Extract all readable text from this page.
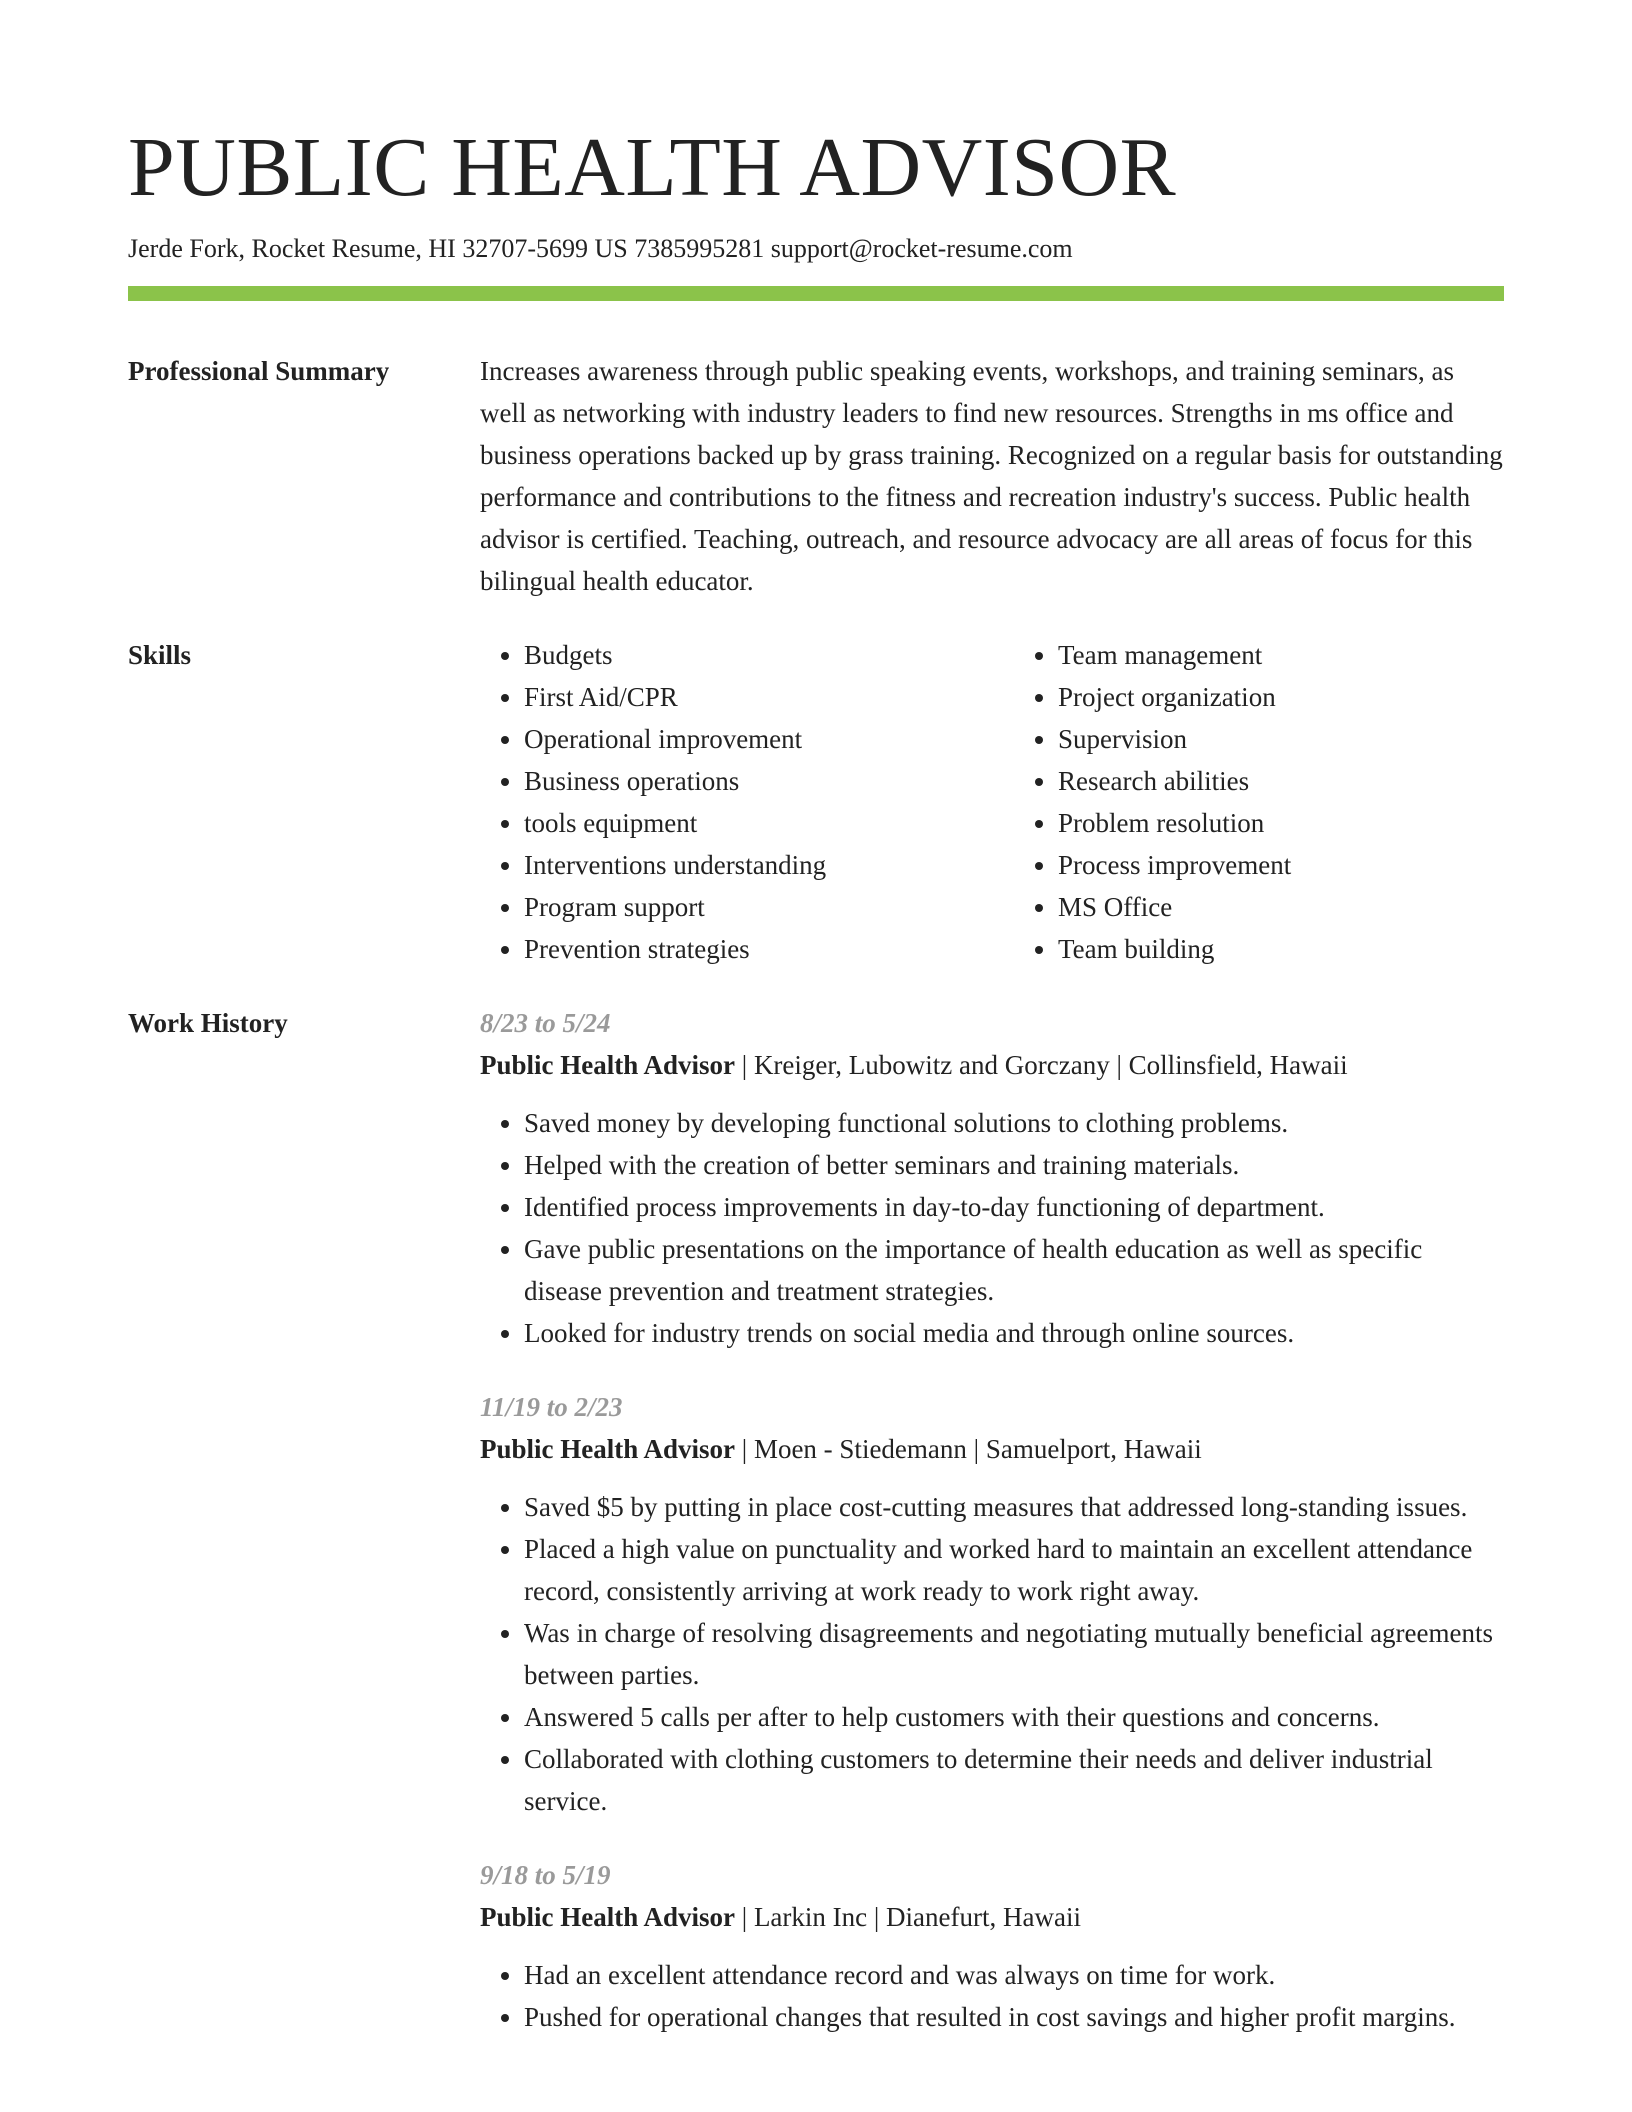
PUBLIC HEALTH ADVISOR
Jerde Fork, Rocket Resume, HI 32707-5699 US 7385995281 support@rocket-resume.com
Professional Summary	Increases awareness through public speaking events, workshops, and training seminars, as well as networking with industry leaders to find new resources. Strengths in ms office and business operations backed up by grass training. Recognized on a regular basis for outstanding performance and contributions to the fitness and recreation industry's success. Public health advisor is certified. Teaching, outreach, and resource advocacy are all areas of focus for this bilingual health educator.

Skills	• Budgets
• First Aid/CPR
• Operational improvement
• Business operations
• tools equipment
• Interventions understanding
• Program support
• Prevention strategies
• Team management
• Project organization
• Supervision
• Research abilities
• Problem resolution
• Process improvement
• MS Office
• Team building
Work History	8/23 to 5/24
Public Health Advisor | Kreiger, Lubowitz and Gorczany | Collinsfield, Hawaii
• Saved money by developing functional solutions to clothing problems.
• Helped with the creation of better seminars and training materials.
• Identified process improvements in day-to-day functioning of department.
• Gave public presentations on the importance of health education as well as specific disease prevention and treatment strategies.
• Looked for industry trends on social media and through online sources.
11/19 to 2/23
Public Health Advisor | Moen - Stiedemann | Samuelport, Hawaii
• Saved $5 by putting in place cost-cutting measures that addressed long-standing issues.
• Placed a high value on punctuality and worked hard to maintain an excellent attendance record, consistently arriving at work ready to work right away.
• Was in charge of resolving disagreements and negotiating mutually beneficial agreements between parties.
• Answered 5 calls per after to help customers with their questions and concerns.
• Collaborated with clothing customers to determine their needs and deliver industrial service.
9/18 to 5/19
Public Health Advisor | Larkin Inc | Dianefurt, Hawaii
• Had an excellent attendance record and was always on time for work.
• Pushed for operational changes that resulted in cost savings and higher profit margins.
